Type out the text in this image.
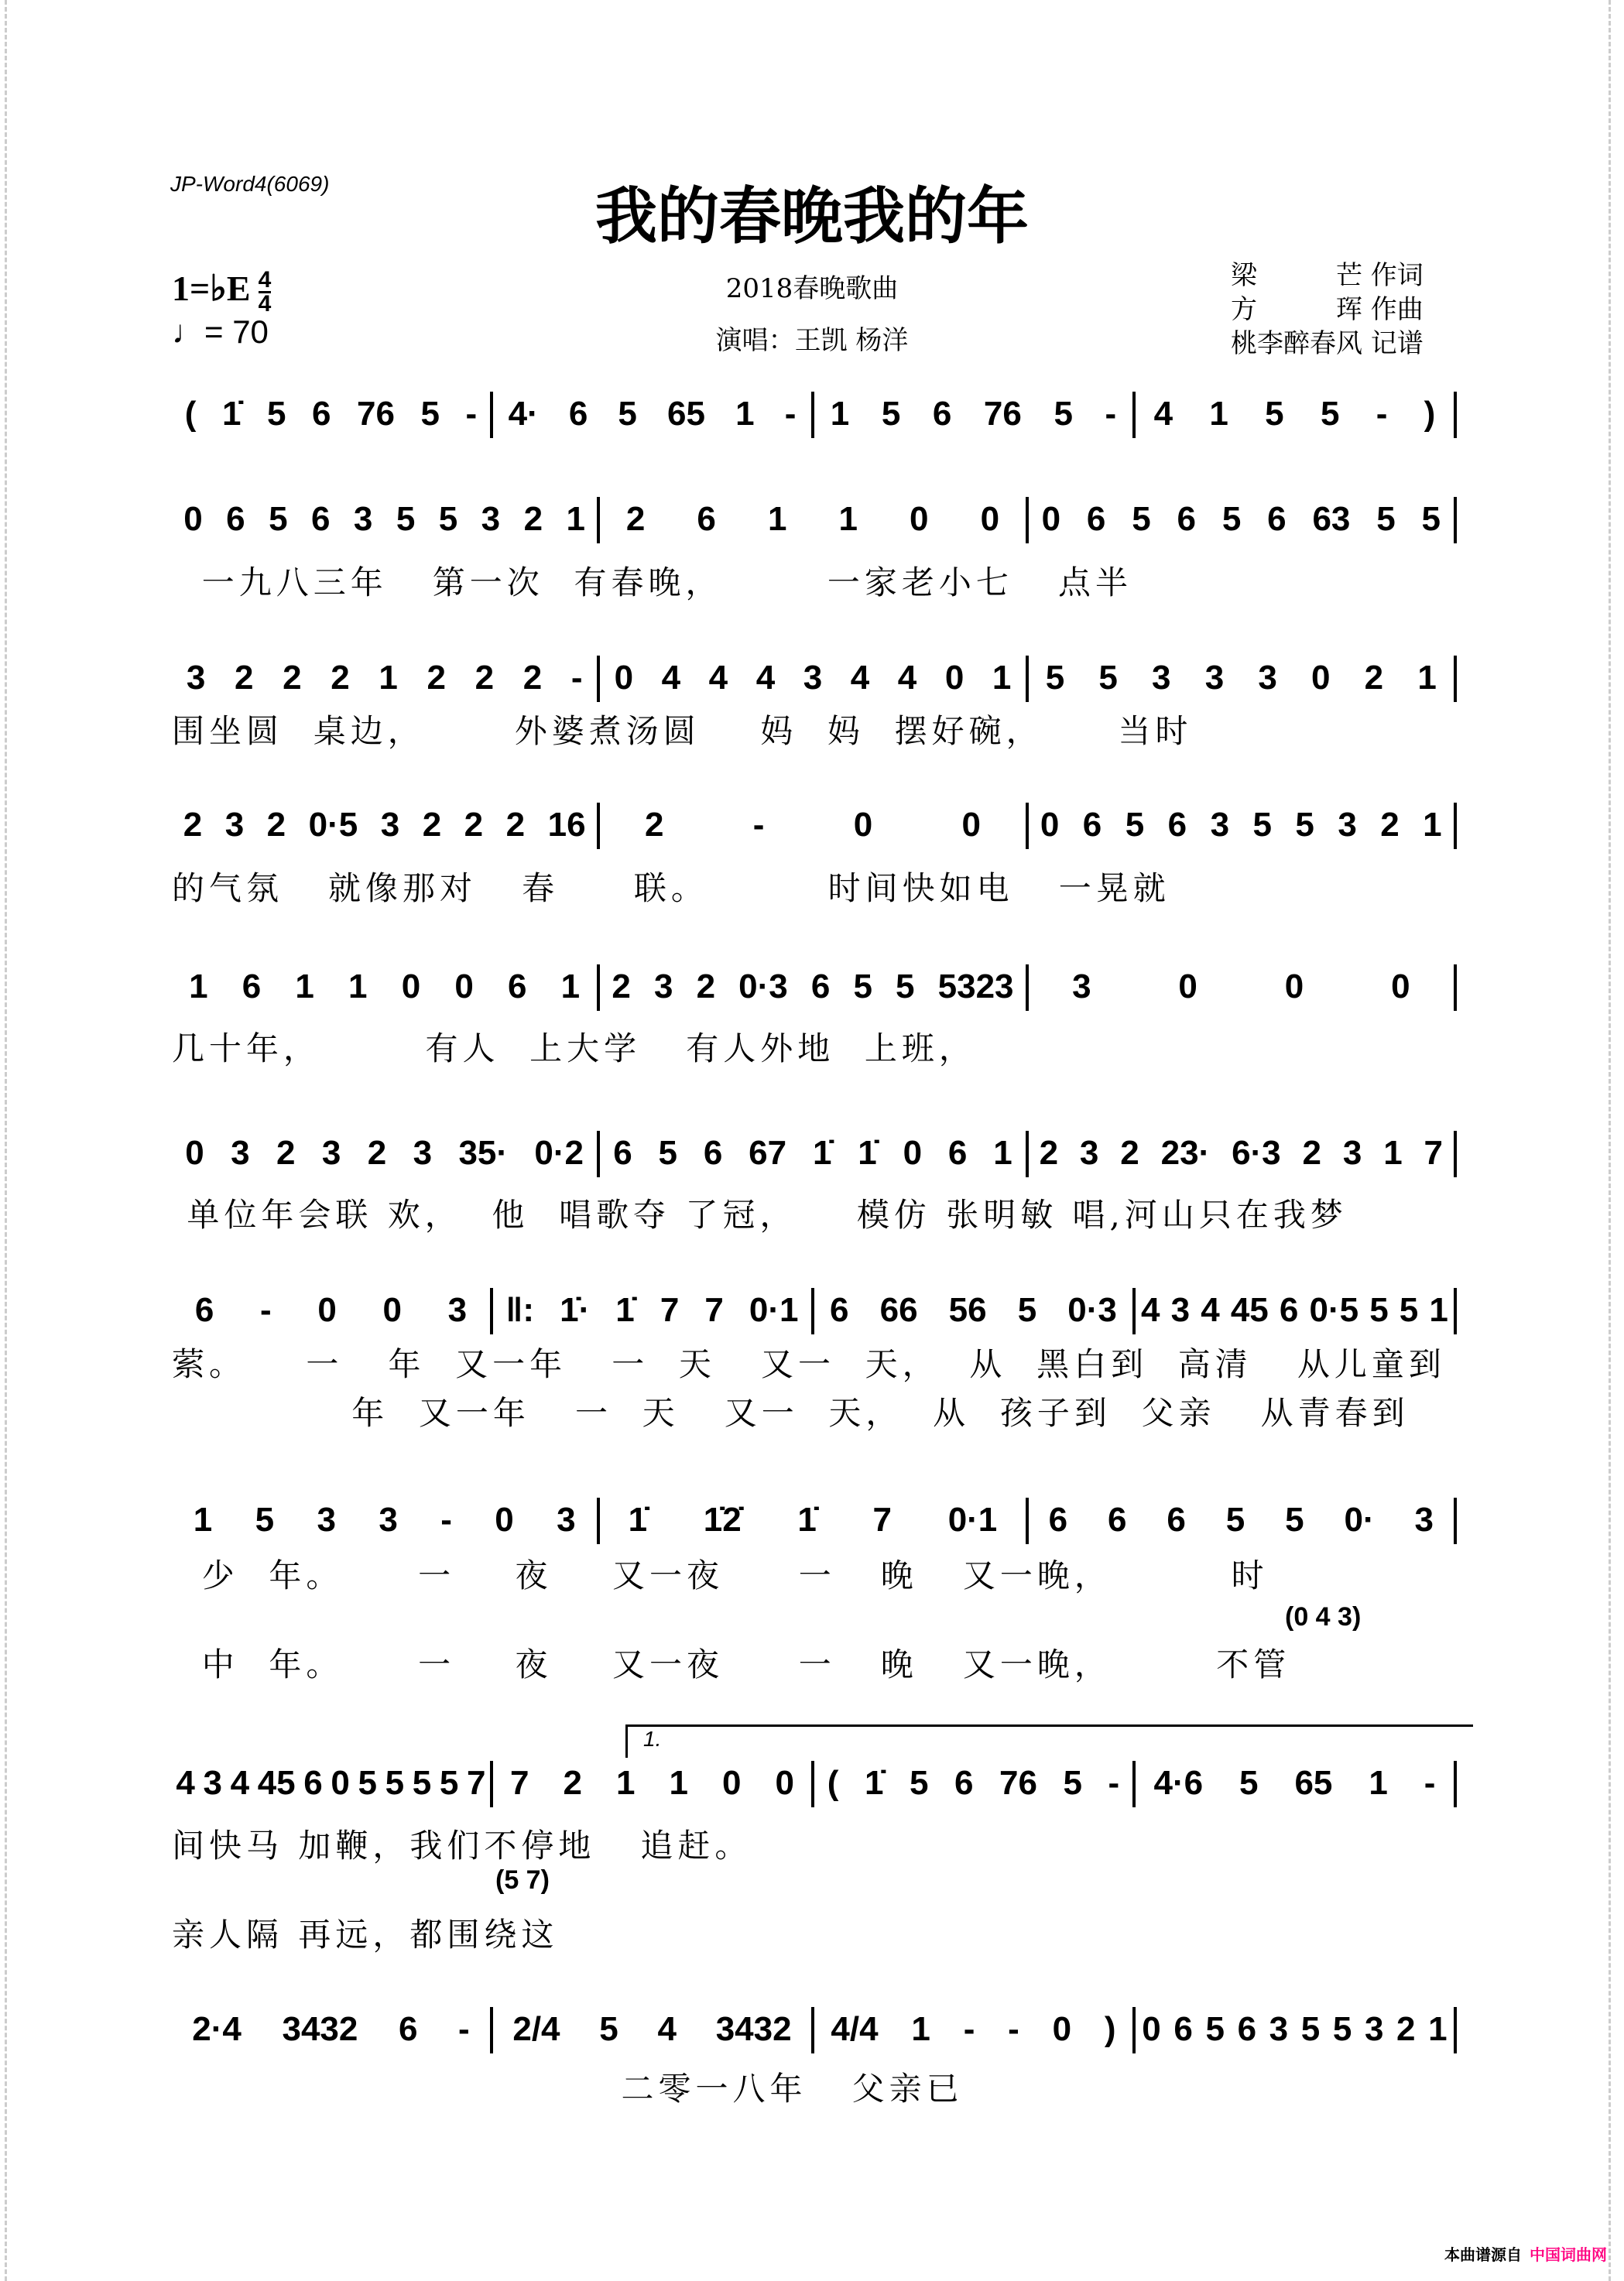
JP-Word4(6069)	我的春晚我的年
1=♭E $\frac{4}{4}$
♩= 70
2018春晚歌曲
演唱：王凯 杨洋
梁　　　芒 作词
方　　　珲 作曲
桃李醉春风 记谱
( 1̇ 5 6 76 5 - 4· 6 5 65 1 - 1 5 6 76 5 - 4 1 5 5 - )
0 6 5 6 3 5 5 3 2 1 2 6 1 1 0 0 0 6 5 6 5 6 63 5 5
一九八三年   第一次  有春晚，       一家老小七   点半
3 2 2 2 1 2 2 2 - 0 4 4 4 3 4 4 0 1 5 5 3 3 3 0 2 1
围坐圆  桌边，      外婆煮汤圆    妈  妈  摆好碗，     当时
2 3 2 0·5 3 2 2 2 16 2	-	0	0 0 6 5 6 3 5 5 3 2 1
的气氛   就像那对   春     联。        时间快如电   一晃就
1 6 1 1 0 0 6 1 2 3 2 0·3 6 5 5 5323 3	0	0	0
几十年，       有人  上大学   有人外地  上班，
0 3 2 3 2 3 35· 0·2 6 5 6 67 1̇ 1̇ 0 6 1 2 3 2 23· 6·3 2 3 1 7
单位年会联 欢，  他  唱歌夺 了冠，    模仿 张明敏 唱,河山只在我梦
6 - 0 0 3 ‖: 1̇· 1̇ 7 7 0·1 6 66 56 5 0·3 4 3 4 45 6 0·5 5 5 1
萦。    一   年  又一年   一  天   又一  天，  从  黑白到  高清   从儿童到
年  又一年   一  天   又一  天，  从  孩子到  父亲   从青春到
1 5 3 3 - 0 3 1̇ 1̇2̇ 1̇ 7 0·1 6 6 6 5 5 0· 3
少  年。     一    夜    又一夜     一   晚   又一晚，        时
中  年。     一    夜    又一夜     一   晚   又一晚，       不管
(0 4 3)
4 3 4 45 6 0 5 5 5 5 7 7 2 1 1 0 0 ( 1̇ 5 6 76 5 - 4·6 5 65 1 -
间快马 加鞭，我们不停地   追赶。
亲人隔 再远，都围绕这
(5 7)
2·4 3432 6 - 2/4 5 4 3432 4/4 1 - - 0 ) 0 6 5 6 3 5 5 3 2 1
二零一八年   父亲已
1.
本曲谱源自 中国词曲网
